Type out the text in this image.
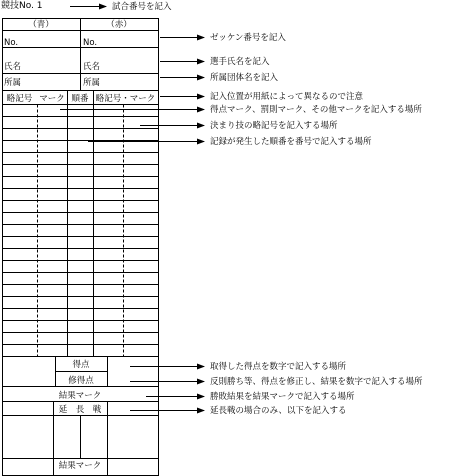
競技No. 1	試合番号を記入
（青）	（赤）
No.	No.
氏名	氏名
所属	所属
略記号 マーク 順番 略記号・マーク
得点
修得点
結果マーク
延　長　戦
結果マーク
ゼッケン番号を記入
選手氏名を記入
所属団体名を記入
記入位置が用紙によって異なるので注意
得点マーク、罰則マーク、その他マークを記入する場所
決まり技の略記号を記入する場所
記録が発生した順番を番号で記入する場所
取得した得点を数字で記入する場所
反則勝ち等、得点を修正し、結果を数字で記入する場所
勝敗結果を結果マークで記入する場所
延長戦の場合のみ、以下を記入する
